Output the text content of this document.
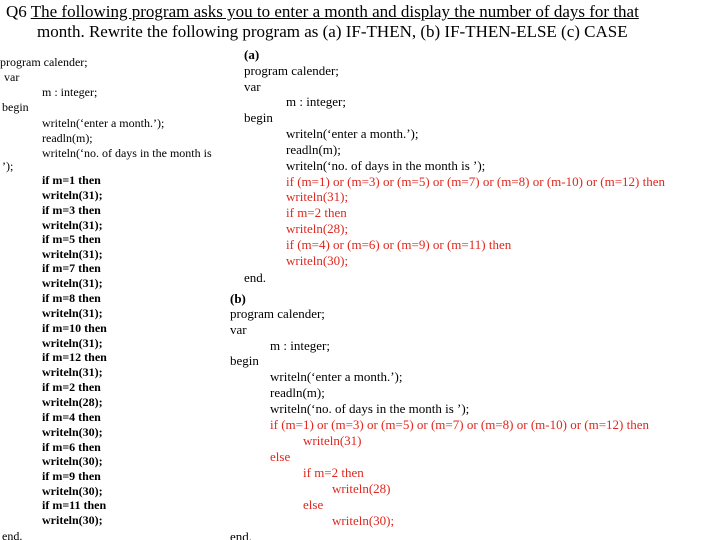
Q6 The following program asks you to enter a month and display the number of days for that
month. Rewrite the following program as (a) IF-THEN, (b) IF-THEN-ELSE (c) CASE
program calender;
var
m : integer;
begin
writeln(‘enter a month.’);
readln(m);
writeln(‘no. of days in the month is
’);
if m=1 then
writeln(31);
if m=3 then
writeln(31);
if m=5 then
writeln(31);
if m=7 then
writeln(31);
if m=8 then
writeln(31);
if m=10 then
writeln(31);
if m=12 then
writeln(31);
if m=2 then
writeln(28);
if m=4 then
writeln(30);
if m=6 then
writeln(30);
if m=9 then
writeln(30);
if m=11 then
writeln(30);
end.
(a)
program calender;
var
m : integer;
begin
writeln(‘enter a month.’);
readln(m);
writeln(‘no. of days in the month is ’);
if (m=1) or (m=3) or (m=5) or (m=7) or (m=8) or (m-10) or (m=12) then
writeln(31);
if m=2 then
writeln(28);
if (m=4) or (m=6) or (m=9) or (m=11) then
writeln(30);
end.
(b)
program calender;
var
m : integer;
begin
writeln(‘enter a month.’);
readln(m);
writeln(‘no. of days in the month is ’);
if (m=1) or (m=3) or (m=5) or (m=7) or (m=8) or (m-10) or (m=12) then
writeln(31)
else
if m=2 then
writeln(28)
else
writeln(30);
end.
